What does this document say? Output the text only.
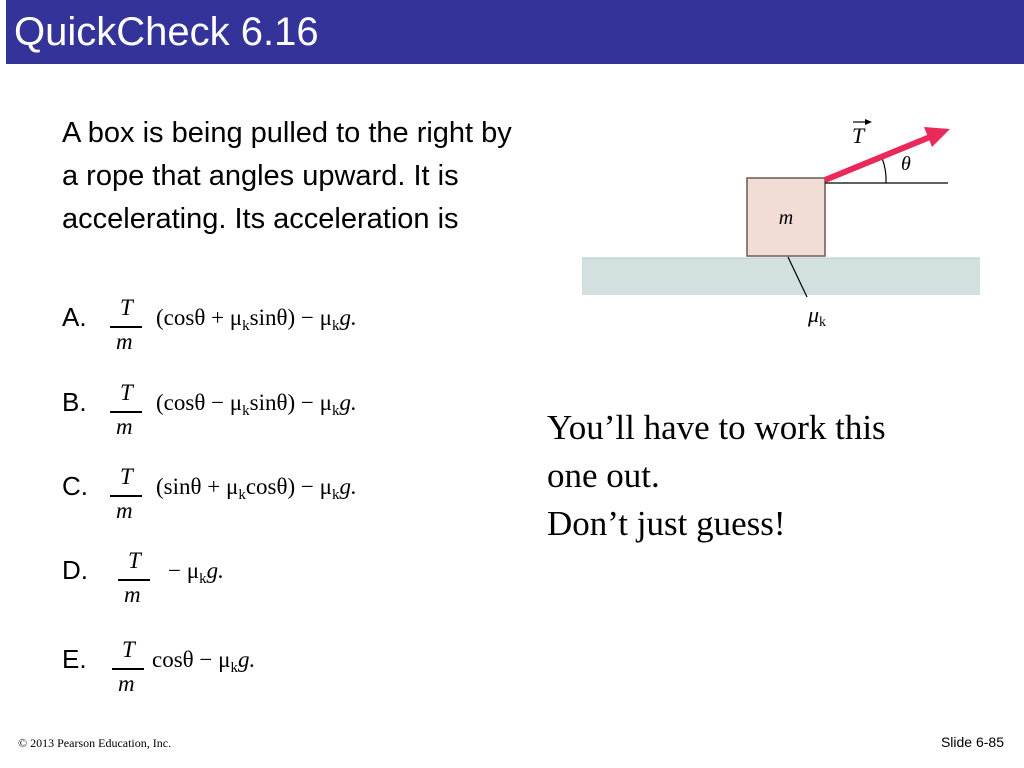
QuickCheck 6.16
A box is being pulled to the right by
a rope that angles upward. It is
accelerating. Its acceleration is
A. T
m
$(\cos\theta + \mu_k\sin\theta) - \mu_kg$.
B. T
m
$(\cos\theta - \mu_k\sin\theta) - \mu_kg$.
C. T
m
$(\sin\theta + \mu_k\cos\theta) - \mu_kg$.
D. T
m
− $\mu_kg$.
E. T
m
$\cos\theta - \mu_kg$.
m
θ
T
μk
You’ll have to work this
one out.
Don’t just guess!
© 2013 Pearson Education, Inc.	Slide 6-85
